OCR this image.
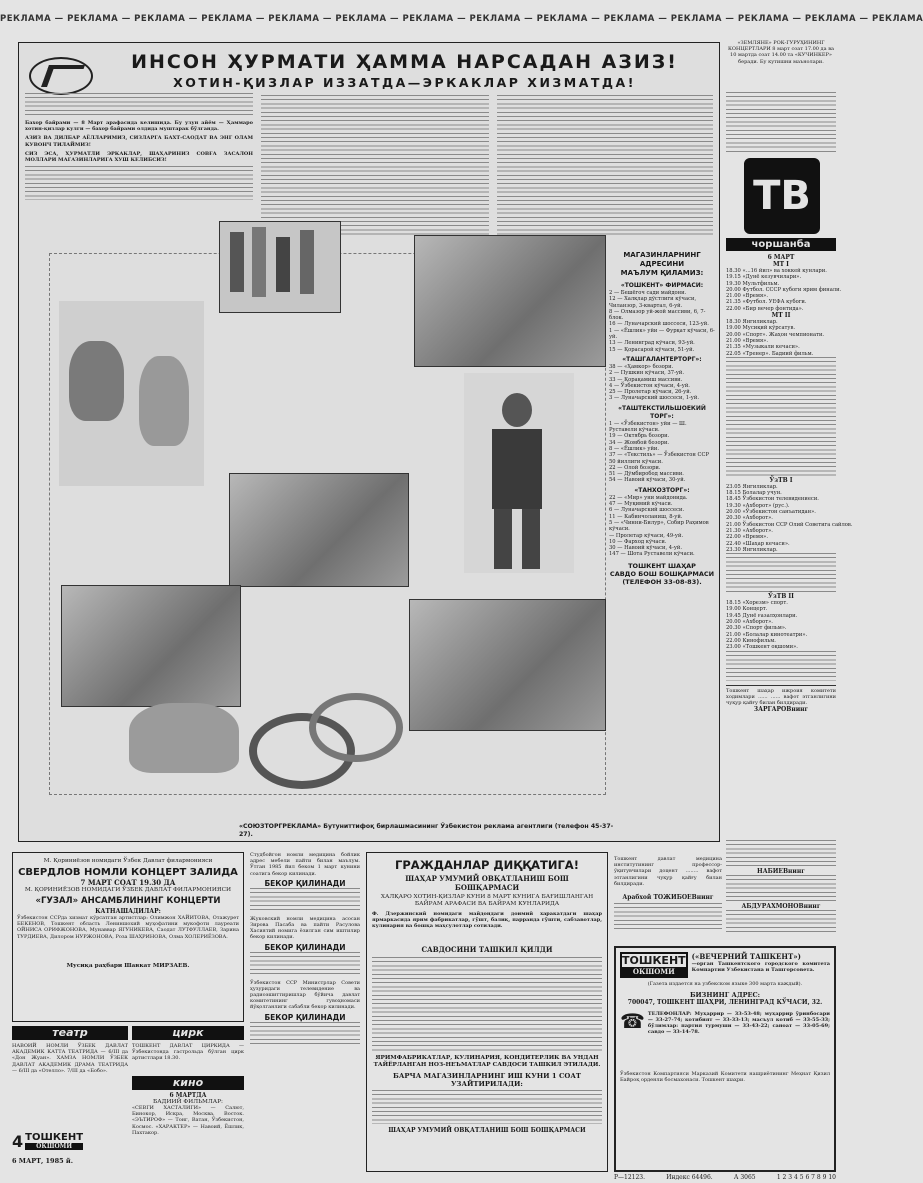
РЕКЛАМА — РЕКЛАМА — РЕКЛАМА — РЕКЛАМА — РЕКЛАМА — РЕКЛАМА — РЕКЛАМА — РЕКЛАМА — РЕКЛАМА — РЕКЛАМА — РЕКЛАМА — РЕКЛАМА — РЕКЛАМА — РЕКЛАМА
ИНСОН ҲУРМАТИ ҲАММА НАРСАДАН АЗИЗ!
ХОТИН-ҚИЗЛАР ИЗЗАТДА—ЭРКАКЛАР ХИЗМАТДА!
Бахор байрами — 8 Март арафасида келишида. Бу узун айём — Ҳаммаро хотин-қизлар кулги — бахор байрами олдида муштарак бўлганда.
АЗИЗ ВА ДИЛБАР АЁЛЛАРИМИЗ, СИЗЛАРГА БАХТ-САОДАТ ВА ЭНГ ОЛАМ КУВОНЧ ТИЛАЙМИЗ!
СИЗ ЭСА, ҲУРМАТЛИ ЭРКАКЛАР, ШАҲАРИНИЗ СОВҒА ЗАСАЛОН МОЛЛАРИ МАГАЗИНЛАРИГА ХУШ КЕЛИБСИЗ!
МАГАЗИНЛАРНИНГ
АДРЕСИНИ
МАЪЛУМ ҚИЛАМИЗ:
«ТОШКЕНТ» ФИРМАСИ:

2 — Бешёгоч сади майдони.

12 — Халқлар дўстлиги кўчаси, Чиланзор, 3-квартал, 6-уй.

8 — Олмазор уй-жой массиви, 6, 7-блок.

16 — Луначарский шоссеси, 123-уй.

1 — «Ёшлик» уйи — Фурқат кўчаси, 6-уй.

13 — Ленинград кўчаси, 93-уй.

15 — Қорасарой кўчаси, 51-уй.

«ТАШГАЛАНТЕРТОРГ»:

38 — «Ҳамкор» бозори.

2 — Пушкин кўчаси, 37-уй.

33 — Қорақамиш массиви.

4 — Ўзбекистон кўчаси, 4-уй.

25 — Пролетар кўчаси, 26-уй.

3 — Луначарский шоссеси, 1-уй.

«ТАШТЕКСТИЛЬШОЕКИЙ ТОРГ»:

1 — «Ўзбекистон» уйи — Ш. Руставели кўчаси.

19 — Октябрь бозори.

34 — Жомбой бозори.

8 — «Ёшлик» уйи.

37 — «Текстиль» — Ўзбекистон ССР 50 йиллиги кўчаси.

22 — Олой бозори.

51 — Дўмбиробод массиви.

54 — Навоий кўчаси, 30-уй.

«ТАНХОЗТОРГ»:

22 — «Мир» уни майдонида.

47 — Муқимий кўчаси.

6 — Луначарский шоссеси.

11 — Кабинчоланиш, 8-уй.

5 — «Чинни-Билур», Собир Раҳимов кўчаси.

— Пролетар кўчаси, 49-уй.

10 — Фарход кўчаси.

30 — Навоий кўчаси, 4-уй.

147 — Шота Руставели кўчаси.

ТОШКЕНТ ШАҲАР
САВДО БОШ БОШҚАРМАСИ
(ТЕЛЕФОН 33-08-83).
«СОЮЗТОРГРЕКЛАМА» Бутуниттифоқ бирлашмасининг Ўзбекистон реклама агентлиги (телефон 45-37-27).
«ЗЕМЛЯНЕ» РОК-ГУРУҲИНИНГ КОНЦЕРТЛАРИ 8 март соат 17.00 да ва 10 мартда соат 14.00 та «КУЧИНКЕР» беради. Бу кутишни маънолари.
ТВ
чоршанба
6 МАРТ
МТ I

18.30 «...16 йил» ва хоккей кунлари.

19.15 «Дунё кезувчилари».

19.30 Мультфильм.

20.00 Футбол. СССР кубоги ярим финали.

21.00 «Время».

21.35 «Футбол. УЕФА кубоги.

22.00 «Бир вечер фонтида».

МТ II

18.30 Янгиликлар.

19.00 Мусиқий кўрсатув.

20.00 «Спорт». Жаҳон чемпионати.

21.00 «Время».

21.35 «Музыкали кечаси».

22.05 «Тренер». Бадиий фильм.

ЎзТВ I

23.05 Янгиликлар.

18.15 Болалар учун.

18.45 Ўзбекистон телевидениеси.

19.30 «Ахборот» (рус.).

20.00 «Ўзбекистон санъатидан».

20.30 «Ахборот».

21.00 Ўзбекистон ССР Олий Советига сайлов.

21.30 «Ахборот».

22.00 «Время».

22.40 «Шаҳар кечаси».

23.30 Янгиликлар.

ЎзТВ II

18.15 «Хорезм» спорт.

19.00 Концерт.

19.45 Дунё ғазалҳонлари.

20.00 «Ахборот».

20.30 «Спорт фильм».

21.00 «Болалар кинотеатри».

22.00 Кинофильм.

23.00 «Тошкент оқшоми».

Тошкент шаҳар ижроия комитети ходимлари ...... ...... вафот этганлигини чуқур қайғу билан билдиради.
ЗАРГАРОВнинг
НАБИЕВнинг
АБДУРАХМОНОВнинг
М. Қориниёзов номидаги Ўзбек Давлат филармонияси
СВЕРДЛОВ НОМЛИ КОНЦЕРТ ЗАЛИДА
7 МАРТ СОАТ 19.30 ДА
М. ҚОРИНИЁЗОВ НОМИДАГИ ЎЗБЕК ДАВЛАТ ФИЛАРМОНИЯСИ
«ГУЗАЛ» АНСАМБЛИНИНГ КОНЦЕРТИ
КАТНАШАДИЛАР:
Ўзбекистон ССРда хизмат кўрсатган артистлар: Олимжон ХАЙИТОВА, Отажурет БЕКЕНОВ, Тошкент область Лениншохий муҳофатини мукофоти лауреати ОЙНИСА ОРИФЖОНОВА, Мунаввар ЯГУНИКЕВА, Саодат ЛУТФУЛЛАЕВ, Зарина ТУРДИЕВА, Дилором НУРЖОНОВА, Роза ШАҲРИНОВА, Олма ХОЛЕРИЁЗОВА.
Мусиқа раҳбари Шавкат МИРЗАЕВ.
театр
НАВОИЙ НОМЛИ ЎЗБЕК ДАВЛАТ АКАДЕМИК КАТТА ТЕАТРИДА — 6/III да «Дон Жуан». ХАМЗА НОМЛИ ЎЗБЕК ДАВЛАТ АКАДЕМИК ДРАМА ТЕАТРИДА — 6/III да «Отелло». 7/III да «Бобо».
цирк
ТОШКЕНТ ДАВЛАТ ЦИРКИДА — Ўзбекистонда гастрольда бўлган цирк артистлари 18.30.
кино
6 МАРТДА
БАДИИЙ ФИЛЬМЛАР:
«СЕВГИ ХАСТАЛИГИ» — Салют, Бинокор, Искра, Москва, Восток. «ЭЪТИРОФ» — Тонг, Ватан, Ўзбекистон, Космос. «ХАРАКТЕР» — Навоий, Ёшлик, Пахтакор.
4 ТОШКЕНТ
ОКШОМИ
6 МАРТ, 1985 й.
Студбойгон номли медицина бойлик адрес мебели пайти билан маълум. Ўтган 1985 йил беком 1 март кунини соатига бекор килинади.
БЕКОР ҚИЛИНАДИ
Жуковский номли медицина асосан Зирова Пасаба ва пайти Расулова Хасиятий номига ёзилган сим иштилир бекор килинади.
БЕКОР ҚИЛИНАДИ
Ўзбекистон ССР Министрлар Совети ҳузуридаги телевидение ва радиоэшиттиришлар бўйича давлат комитетининг гувоҳномаси йўқолганлиги сабабли бекор килинади.
БЕКОР ҚИЛИНАДИ
ГРАЖДАНЛАР ДИҚҚАТИГА!
ШАҲАР УМУМИЙ ОВҚАТЛАНИШ БОШ БОШҚАРМАСИ
ХАЛҚАРО ХОТИН-ҚИЗЛАР КУНИ 8 МАРТ КУНИГА БАҒИШЛАНГАН БАЙРАМ АРАФАСИ ВА БАЙРАМ КУНЛАРИДА
Ф. Дзержинский номидаги майдондаги доимий харакатдаги шаҳар ярмаркасида ярим фабрикатлар, гўшт, балиқ, парранда гўшти, сабзавотлар, кулинария ва бошқа маҳсулотлар сотилади.
САВДОСИНИ ТАШКИЛ ҚИЛДИ
ЯРИМФАБРИКАТЛАР, КУЛИНАРИЯ, КОНДИТЕРЛИК ВА УНДАН ТАЙЁРЛАНГАН НОЗ-НЕЪМАТЛАР САВДОСИ ТАШКИЛ ЭТИЛАДИ.
БАРЧА МАГАЗИНЛАРНИНГ ИШ КУНИ 1 СОАТ УЗАЙТИРИЛАДИ:
ШАҲАР УМУМИЙ ОВҚАТЛАНИШ БОШ БОШҚАРМАСИ
Тошкент давлат медицина институтининг профессор-ўқитувчилари доцент ........ вафот этганлигини чуқур қайғу билан билдиради.
Арабхой ТОЖИБОЕВнинг
ТОШКЕНТ
ОКШОМИ
(«ВЕЧЕРНИЙ ТАШКЕНТ»)
—орган Ташкентского городского комитета Компартии Узбекистана и Ташгорсовета.
(Газета издается на узбекском языке 300 марта каждый).
БИЗНИНГ АДРЕС:
700047, ТОШКЕНТ ШАҲРИ, ЛЕНИНГРАД КЎЧАСИ, 32.
☎ ТЕЛЕФОНЛАР: Муҳаррир — 33-53-48; муҳаррир ўринбосари — 33-27-74; котибият — 33-33-13; масъул котиб — 33-55-33; бўлимлар: партия турмуши — 33-43-22; саноат — 33-05-69; савдо — 33-14-78.
Ўзбекистон Компартияси Марказий Комитети нашриётининг Меҳнат Қизил Байроқ орденли босмахонаси. Тошкент шаҳри.
Р—12123.	Индекс 64496.	А 3065	1 2 3 4 5 6 7 8 9 10
